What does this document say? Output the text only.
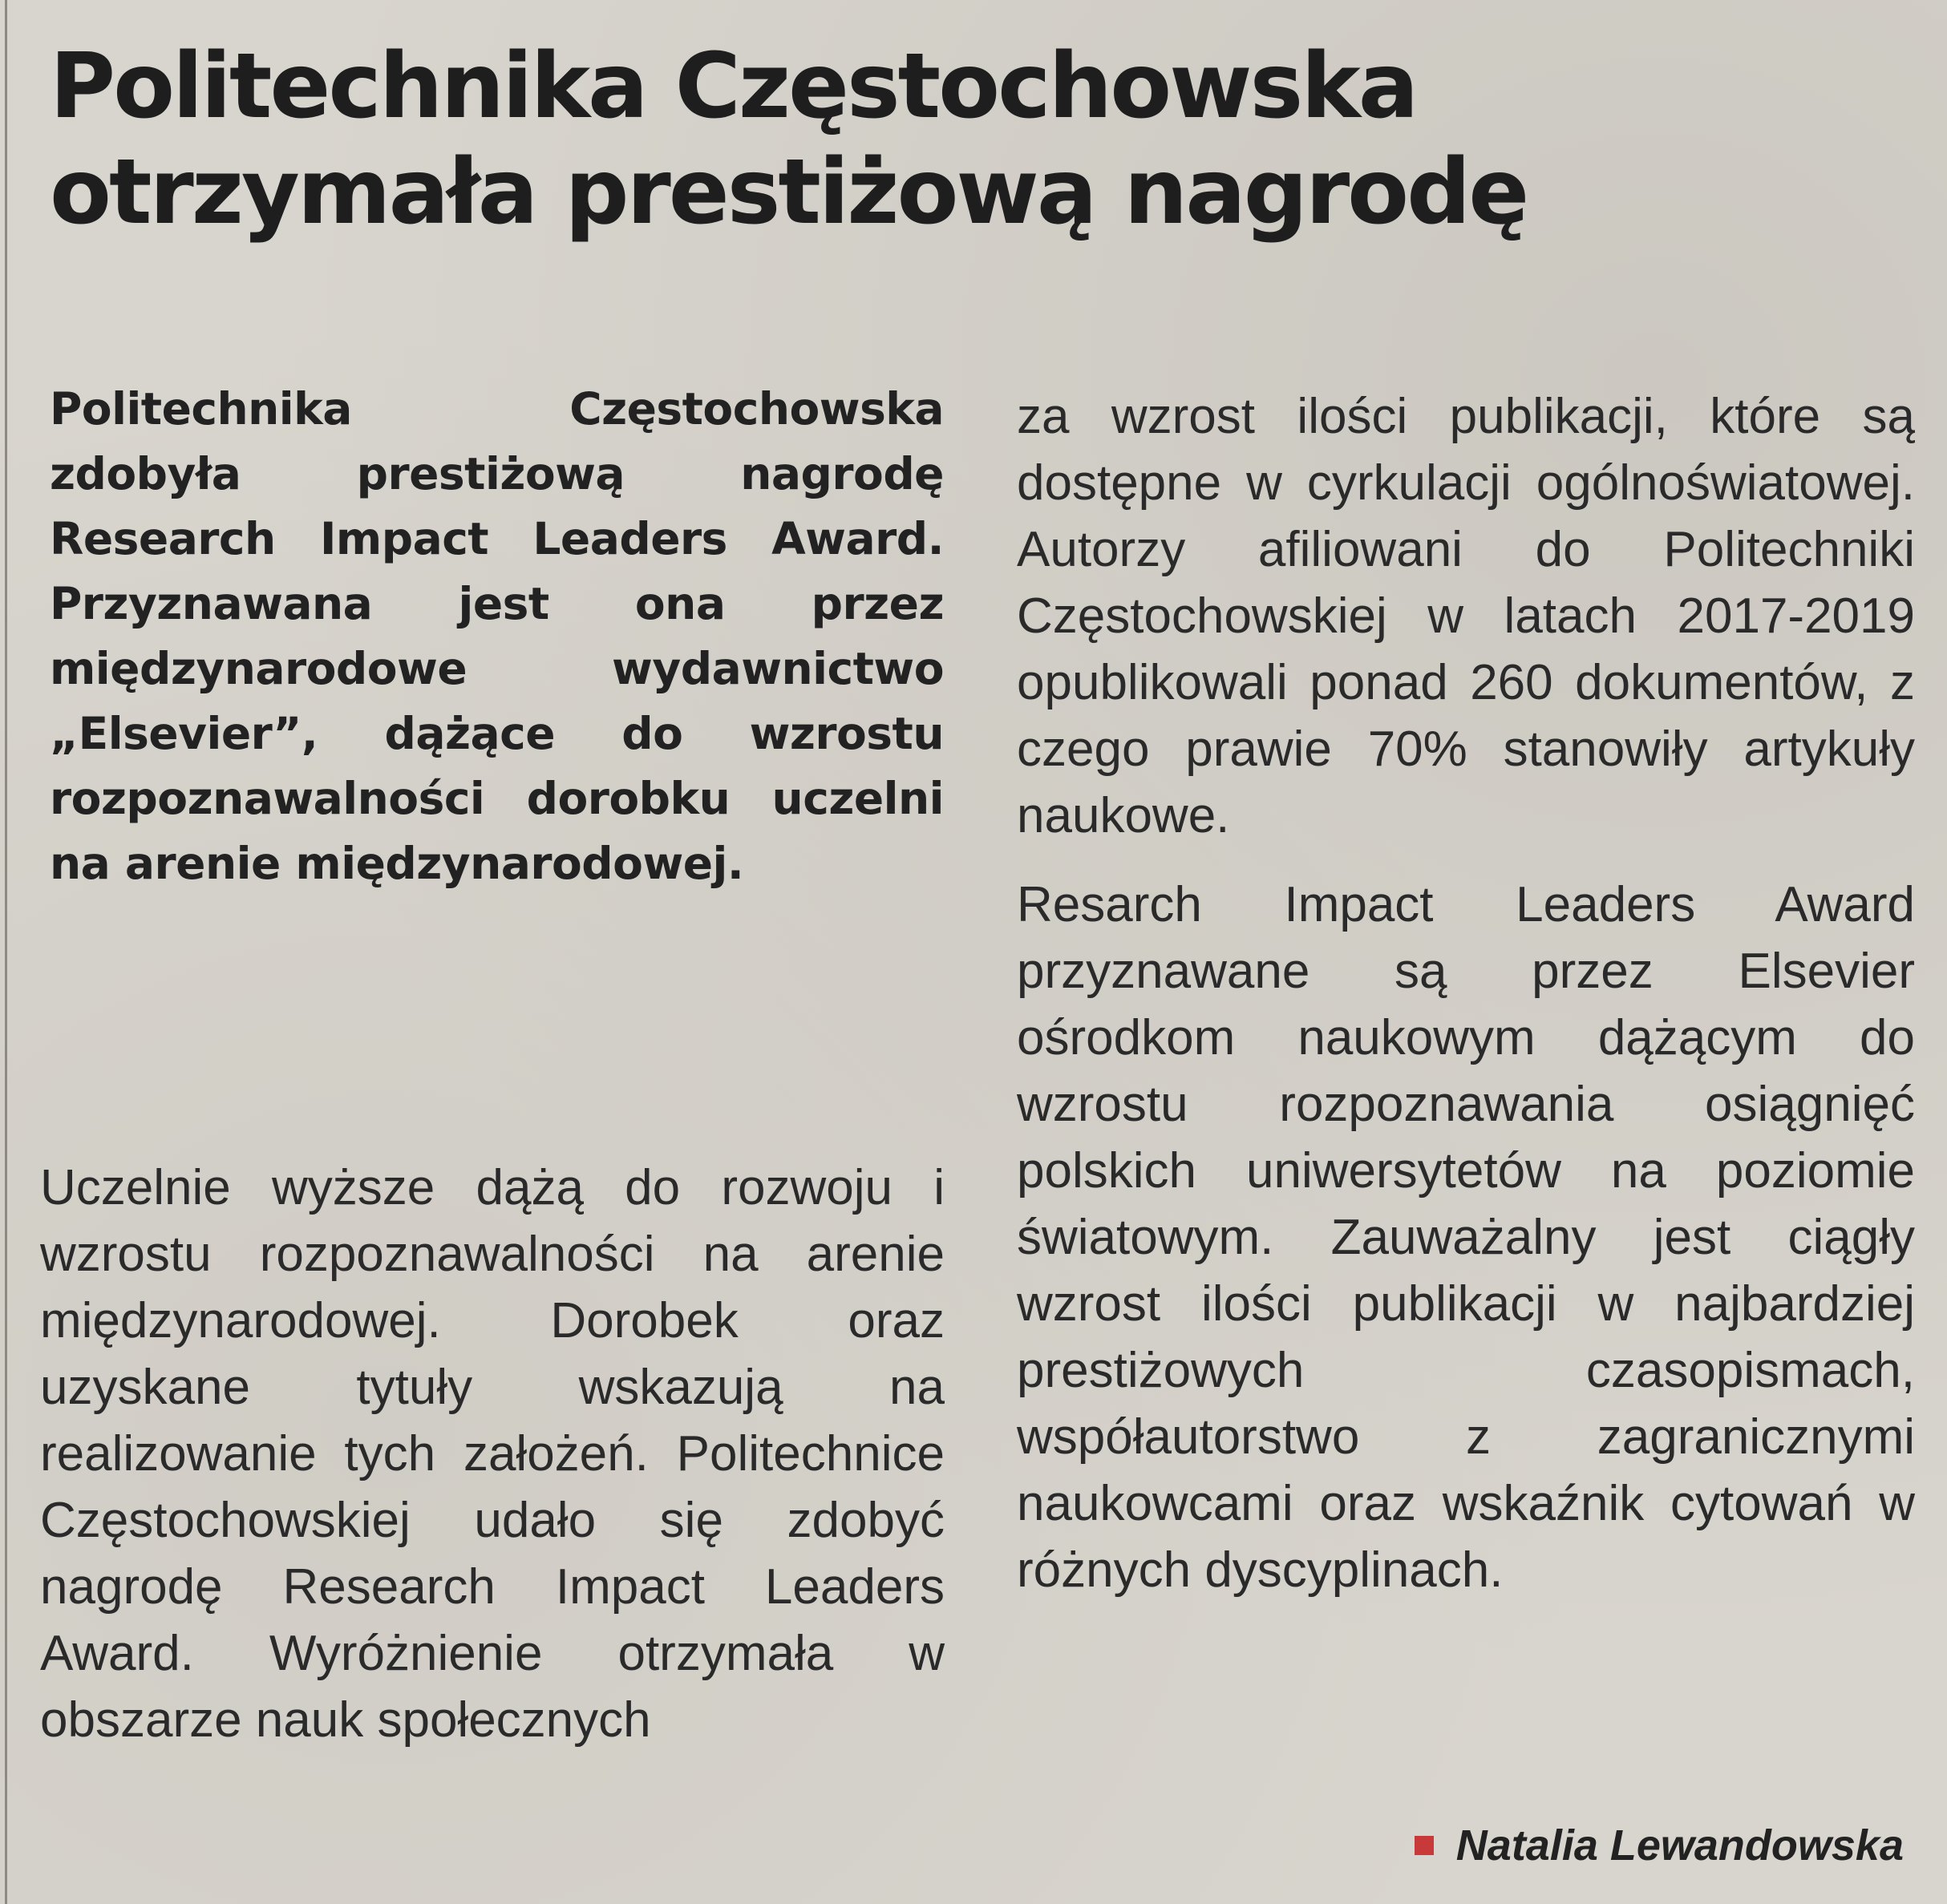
Politechnika Częstochowska
otrzymała prestiżową nagrodę

Politechnika Częstochowska zdobyła prestiżową nagrodę Research Impact Leaders Award. Przyznawana jest ona przez międzynarodowe wydawnictwo „Elsevier”, dążące do wzrostu rozpoznawalności dorobku uczelni na arenie międzynarodowej.

Uczelnie wyższe dążą do rozwoju i wzrostu rozpoznawalności na arenie międzynarodowej. Dorobek oraz uzyskane tytuły wskazują na realizowanie tych założeń. Politechnice Częstochowskiej udało się zdobyć nagrodę Research Impact Leaders Award. Wyróżnienie otrzymała w obszarze nauk społecznych

za wzrost ilości publikacji, które są dostępne w cyrkulacji ogólnoświatowej. Autorzy afiliowani do Politechniki Częstochowskiej w latach 2017-2019 opublikowali ponad 260 dokumentów, z czego prawie 70% stanowiły artykuły naukowe.

Resarch Impact Leaders Award przyznawane są przez Elsevier ośrodkom naukowym dążącym do wzrostu rozpoznawania osiągnięć polskich uniwersytetów na poziomie światowym. Zauważalny jest ciągły wzrost ilości publikacji w najbardziej prestiżowych czasopismach, współautorstwo z zagranicznymi naukowcami oraz wskaźnik cytowań w różnych dyscyplinach.

Natalia Lewandowska
